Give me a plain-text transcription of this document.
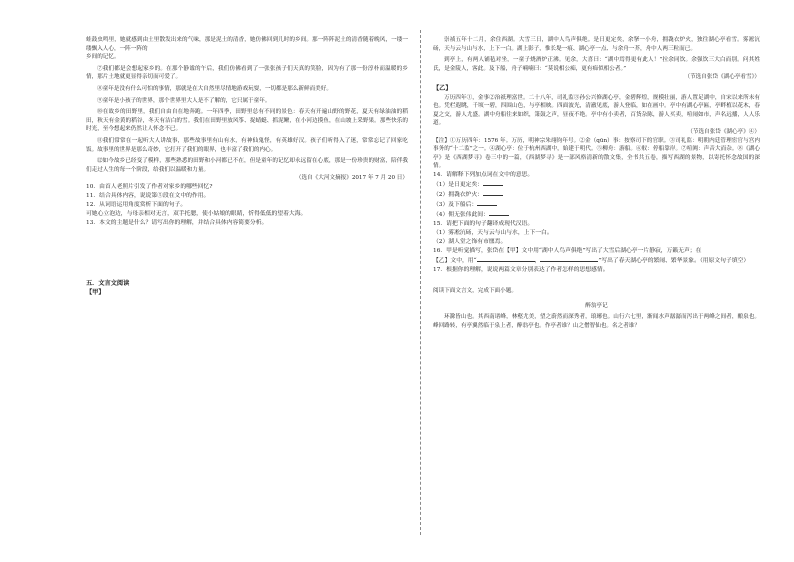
蛙鼓虫鸣里，她就感到由土里散发出来的气味，那是泥土的清香，她仿佛回到儿时的乡间。那一阵阵泥土的清香随着晚风，一缕一缕飘入人心，一阵一阵的

乡间的记忆。

⑦我们都是会想起家乡的。在那个静谧的午后，我们仿佛看到了一张张孩子们天真的笑脸，因为有了那一份淳朴而温暖的乡情，那片土地就更显得亲切而可爱了。

⑧童年是没有什么可怕的事情，那就是在大自然里尽情地游戏玩耍，一切都是那么新鲜而美好。

⑨童年是小孩子的世界，那个世界里大人是不了解的，它只属于童年。

⑩在故乡的田野里，我们自由自在地奔跑。一年四季，田野里总有不同的景色：春天有开遍山野的野花，夏天有绿油油的稻田，秋天有金黄的稻谷，冬天有洁白的雪。我们在田野里放风筝、捉蜻蜓、抓泥鳅，在小河边摸鱼，在山坡上采野果。那些快乐的时光，至今想起来仍然让人怀念不已。

⑪我们常常在一起听大人讲故事，那些故事里有山有水，有神仙鬼怪，有英雄好汉。孩子们听得入了迷，常常忘记了回家吃饭。故事里的世界是那么奇妙，它打开了我们的眼界，也丰富了我们的内心。

⑫如今故乡已经变了模样，那些熟悉的田野和小河都已不在，但是童年的记忆却永远留在心底，那是一份珍贵的财富，陪伴我们走过人生的每一个阶段，给我们以温暖和力量。

（选自《大河文摘报》2017 年 7 月 20 日）

10．由首人老照片引发了作者对家乡的哪些回忆?

11．结合具体内容，说说第⑤段在文中的作用。

12．从词语运用角度赏析下面的句子。

可她心立泡边，与母亲相对无言，双手托腮，使小姑娘的眼睛，忻得低低的望着大海。

13．本文的主题是什么？请写出你的理解，并结合具体内容简要分析。

五．文言文阅读

【甲】

崇祯五年十二月，余住西湖。大雪三日，湖中人鸟声俱绝。是日更定矣，余拏一小舟，拥毳衣炉火，独往湖心亭看雪。雾凇沆砀，天与云与山与水，上下一白。湖上影子，惟长堤一痕、湖心亭一点、与余舟一芥，舟中人两三粒而已。

到亭上，有两人铺毡对坐，一童子烧酒炉正沸。见余，大喜曰：“湖中焉得更有此人！”拉余同饮。余强饮三大白而别。问其姓氏，是金陵人，客此。及下船，舟子喃喃曰：“莫说相公痴，更有痴似相公者。”

（节选自张岱《湖心亭看雪》）

【乙】

万历四年①，金事②治祇理富世。二十八年，司礼监③孙公兴修湖心亭，金碧辉煌，规模壮丽，游人置足湖中，自宋以来所未有也。凭栏遐眺，千顷一碧，四围山色，与亭相映。四面波光，清澈见底，游人登临，如在画中。亭中有湖心亭匾，亭畔植以花木，春夏之交，游人尤盛。湖中舟船往来如织，箫鼓之声，昼夜不绝。亭中有小卖者，百货杂陈，游人买卖，喧闹如市，声名远播，人人乐道。

（节选自张岱《湖心亭》④）

【注】①万历四年：1576 年。万历，明神宗朱翊钧年号。②金（qūn）事：按察司下的官职。③司礼监：明朝内廷管理宦官与宫内事务的“十二监”之一。④湖心亭：位于杭州西湖中，始建于明代。⑤柳舟：游船。⑥舣：停船靠岸。⑦喧阗：声音大而杂。⑧《湖心亭》是《西湖梦寻》卷三中的一篇，《西湖梦寻》是一部风格清新的散文集，全书共五卷，描写西湖的景物，以寄托怀念故国的深情。

14．请解释下列加点词在文中的意思。

（1）是日更定矣：

（2）拥毳衣炉火：

（3）及下船后：

（4）佣无张伟此间：

15．请把下面的句子翻译成现代汉语。

（1）雾凇沆砀，天与云与山与水，上下一白。

（2）湖人堂之饰有市廛焉。

16．甲是听觉描写，张岱在【甲】文中用“湖中人鸟声俱绝”写出了大雪后湖心亭一片静寂，万籁无声；在

【乙】文中，用“	，	”写出了春天湖心亭的繁闹、繁华景象。（用原文句子填空）

17．根据你的理解，说说两篇文章分别表达了作者怎样的思想感情。

阅读下面文言文，完成下面小题。

醉翁亭记

环滁皆山也。其西南诸峰，林壑尤美，望之蔚然而深秀者，琅琊也。山行六七里，渐闻水声潺潺而泻出于两峰之间者，酿泉也。峰回路转，有亭翼然临于泉上者，醉翁亭也。作亭者谁？山之僧智仙也。名之者谁？
